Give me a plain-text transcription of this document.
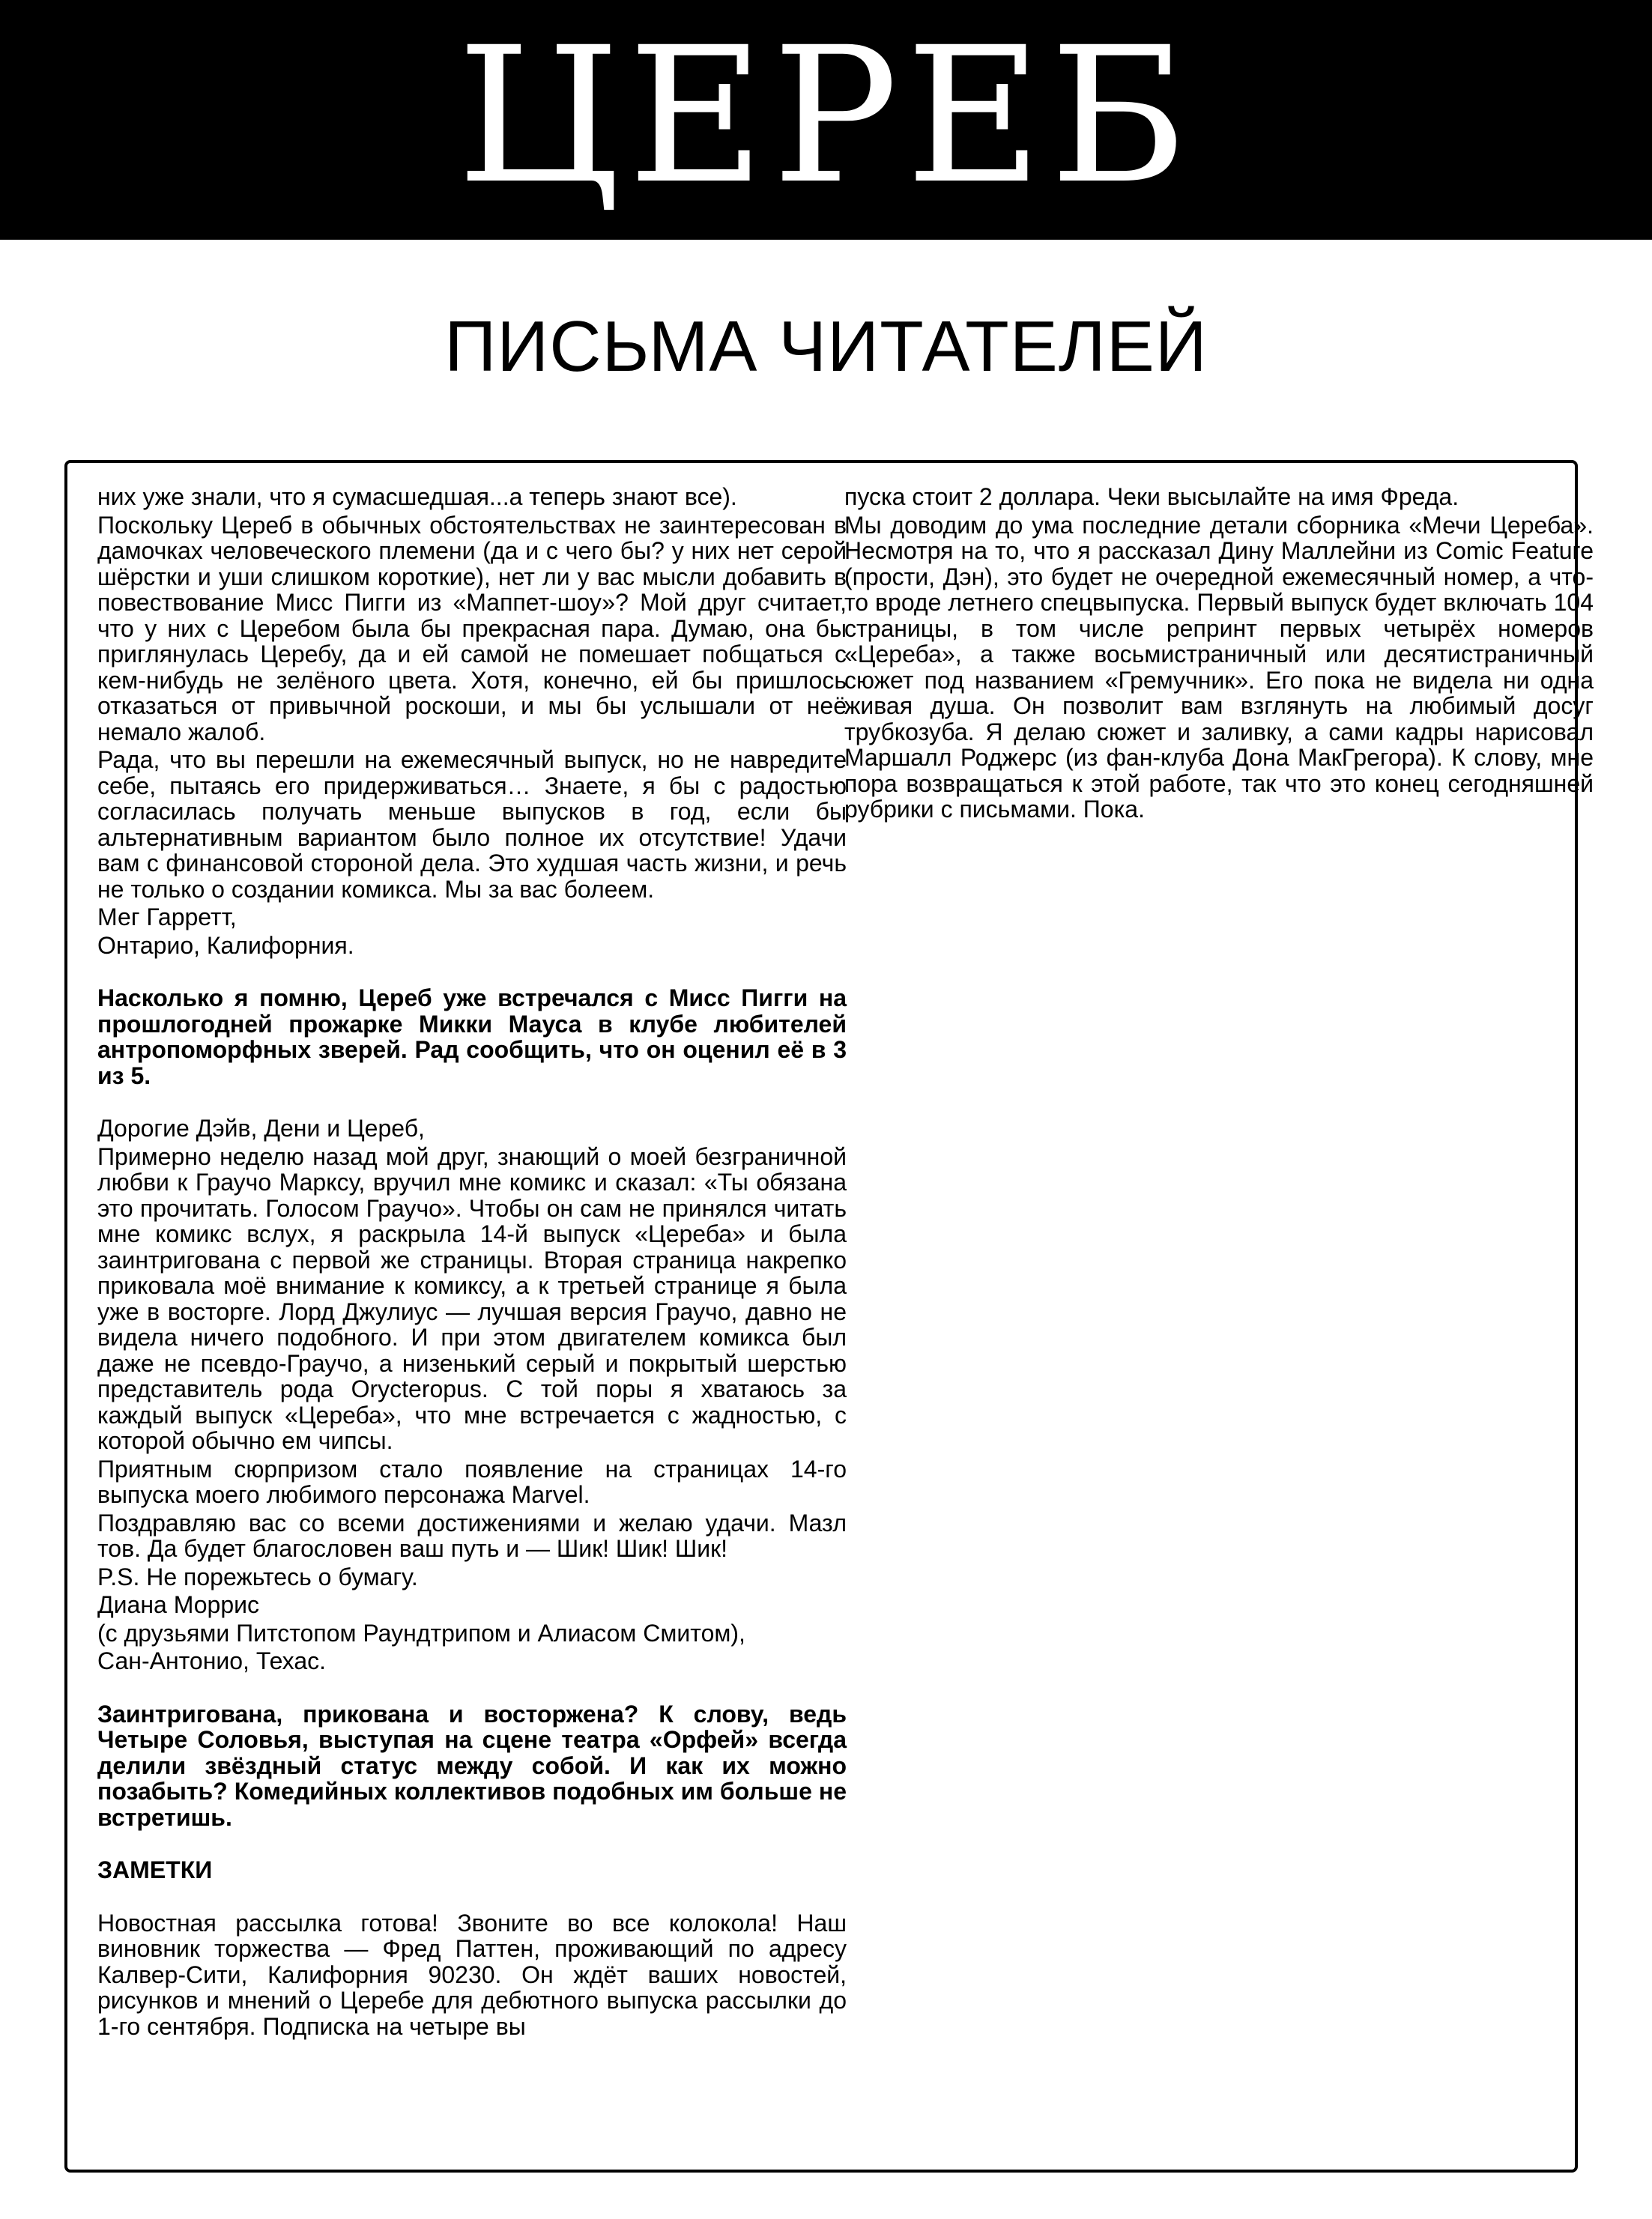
ЦЕРЕБ
ПИСЬМА ЧИТАТЕЛЕЙ

них уже знали, что я сумасшедшая...а теперь знают все).

Поскольку Цереб в обычных обстоятельствах не заинтересован в дамочках человеческого племени (да и с чего бы? у них нет серой шёрстки и уши слишком короткие), нет ли у вас мысли добавить в повествование Мисс Пигги из «Маппет-шоу»? Мой друг считает, что у них с Церебом была бы прекрасная пара. Думаю, она бы приглянулась Церебу, да и ей самой не помешает побщаться с кем-нибудь не зелёного цвета. Хотя, конечно, ей бы пришлось отказаться от привычной роскоши, и мы бы услышали от неё немало жалоб.

Рада, что вы перешли на ежемесячный выпуск, но не навредите себе, пытаясь его придерживаться… Знаете, я бы с радостью согласилась получать меньше выпусков в год, если бы альтернативным вариантом было полное их отсутствие! Удачи вам с финансовой стороной дела. Это худшая часть жизни, и речь не только о создании комикса. Мы за вас болеем.

Мег Гарретт,

Онтарио, Калифорния.

Насколько я помню, Цереб уже встречался с Мисс Пигги на прошлогодней прожарке Микки Мауса в клубе любителей антропоморфных зверей. Рад сообщить, что он оценил её в 3 из 5.

Дорогие Дэйв, Дени и Цереб,

Примерно неделю назад мой друг, знающий о моей безграничной любви к Граучо Марксу, вручил мне комикс и сказал: «Ты обязана это прочитать. Голосом Граучо». Чтобы он сам не принялся читать мне комикс вслух, я раскрыла 14-й выпуск «Цереба» и была заинтригована с первой же страницы. Вторая страница накрепко приковала моё внимание к комиксу, а к третьей странице я была уже в восторге. Лорд Джулиус — лучшая версия Граучо, давно не видела ничего подобного. И при этом двигателем комикса был даже не псевдо-Граучо, а низенький серый и покрытый шерстью представитель рода Orycteropus. С той поры я хватаюсь за каждый выпуск «Цереба», что мне встречается с жадностью, с которой обычно ем чипсы.

Приятным сюрпризом стало появление на страницах 14-го выпуска моего любимого персонажа Marvel.

Поздравляю вас со всеми достижениями и желаю удачи. Мазл тов. Да будет благословен ваш путь и — Шик! Шик! Шик!

P.S. Не порежьтесь о бумагу.

Диана Моррис

(с друзьями Питстопом Раундтрипом и Алиасом Смитом),

Сан-Антонио, Техас.

Заинтригована, прикована и восторжена? К слову, ведь Четыре Соловья, выступая на сцене театра «Орфей» всегда делили звёздный статус между собой. И как их можно позабыть? Комедийных коллективов подобных им больше не встретишь.

ЗАМЕТКИ

Новостная рассылка готова! Звоните во все колокола! Наш виновник торжества — Фред Паттен, проживающий по адресу Калвер-Сити, Калифорния 90230. Он ждёт ваших новостей, рисунков и мнений о Церебе для дебютного выпуска рассылки до 1-го сентября. Подписка на четыре вы

пуска стоит 2 доллара. Чеки высылайте на имя Фреда.

Мы доводим до ума последние детали сборника «Мечи Цереба». Несмотря на то, что я рассказал Дину Маллейни из Comic Feature (прости, Дэн), это будет не очередной ежемесячный номер, а что-то вроде летнего спецвыпуска. Первый выпуск будет включать 104 страницы, в том числе репринт первых четырёх номеров «Цереба», а также восьмистраничный или десятистраничный сюжет под названием «Гремучник». Его пока не видела ни одна живая душа. Он позволит вам взглянуть на любимый досуг трубкозуба. Я делаю сюжет и заливку, а сами кадры нарисовал Маршалл Роджерс (из фан-клуба Дона МакГрегора). К слову, мне пора возвращаться к этой работе, так что это конец сегодняшней рубрики с письмами. Пока.
